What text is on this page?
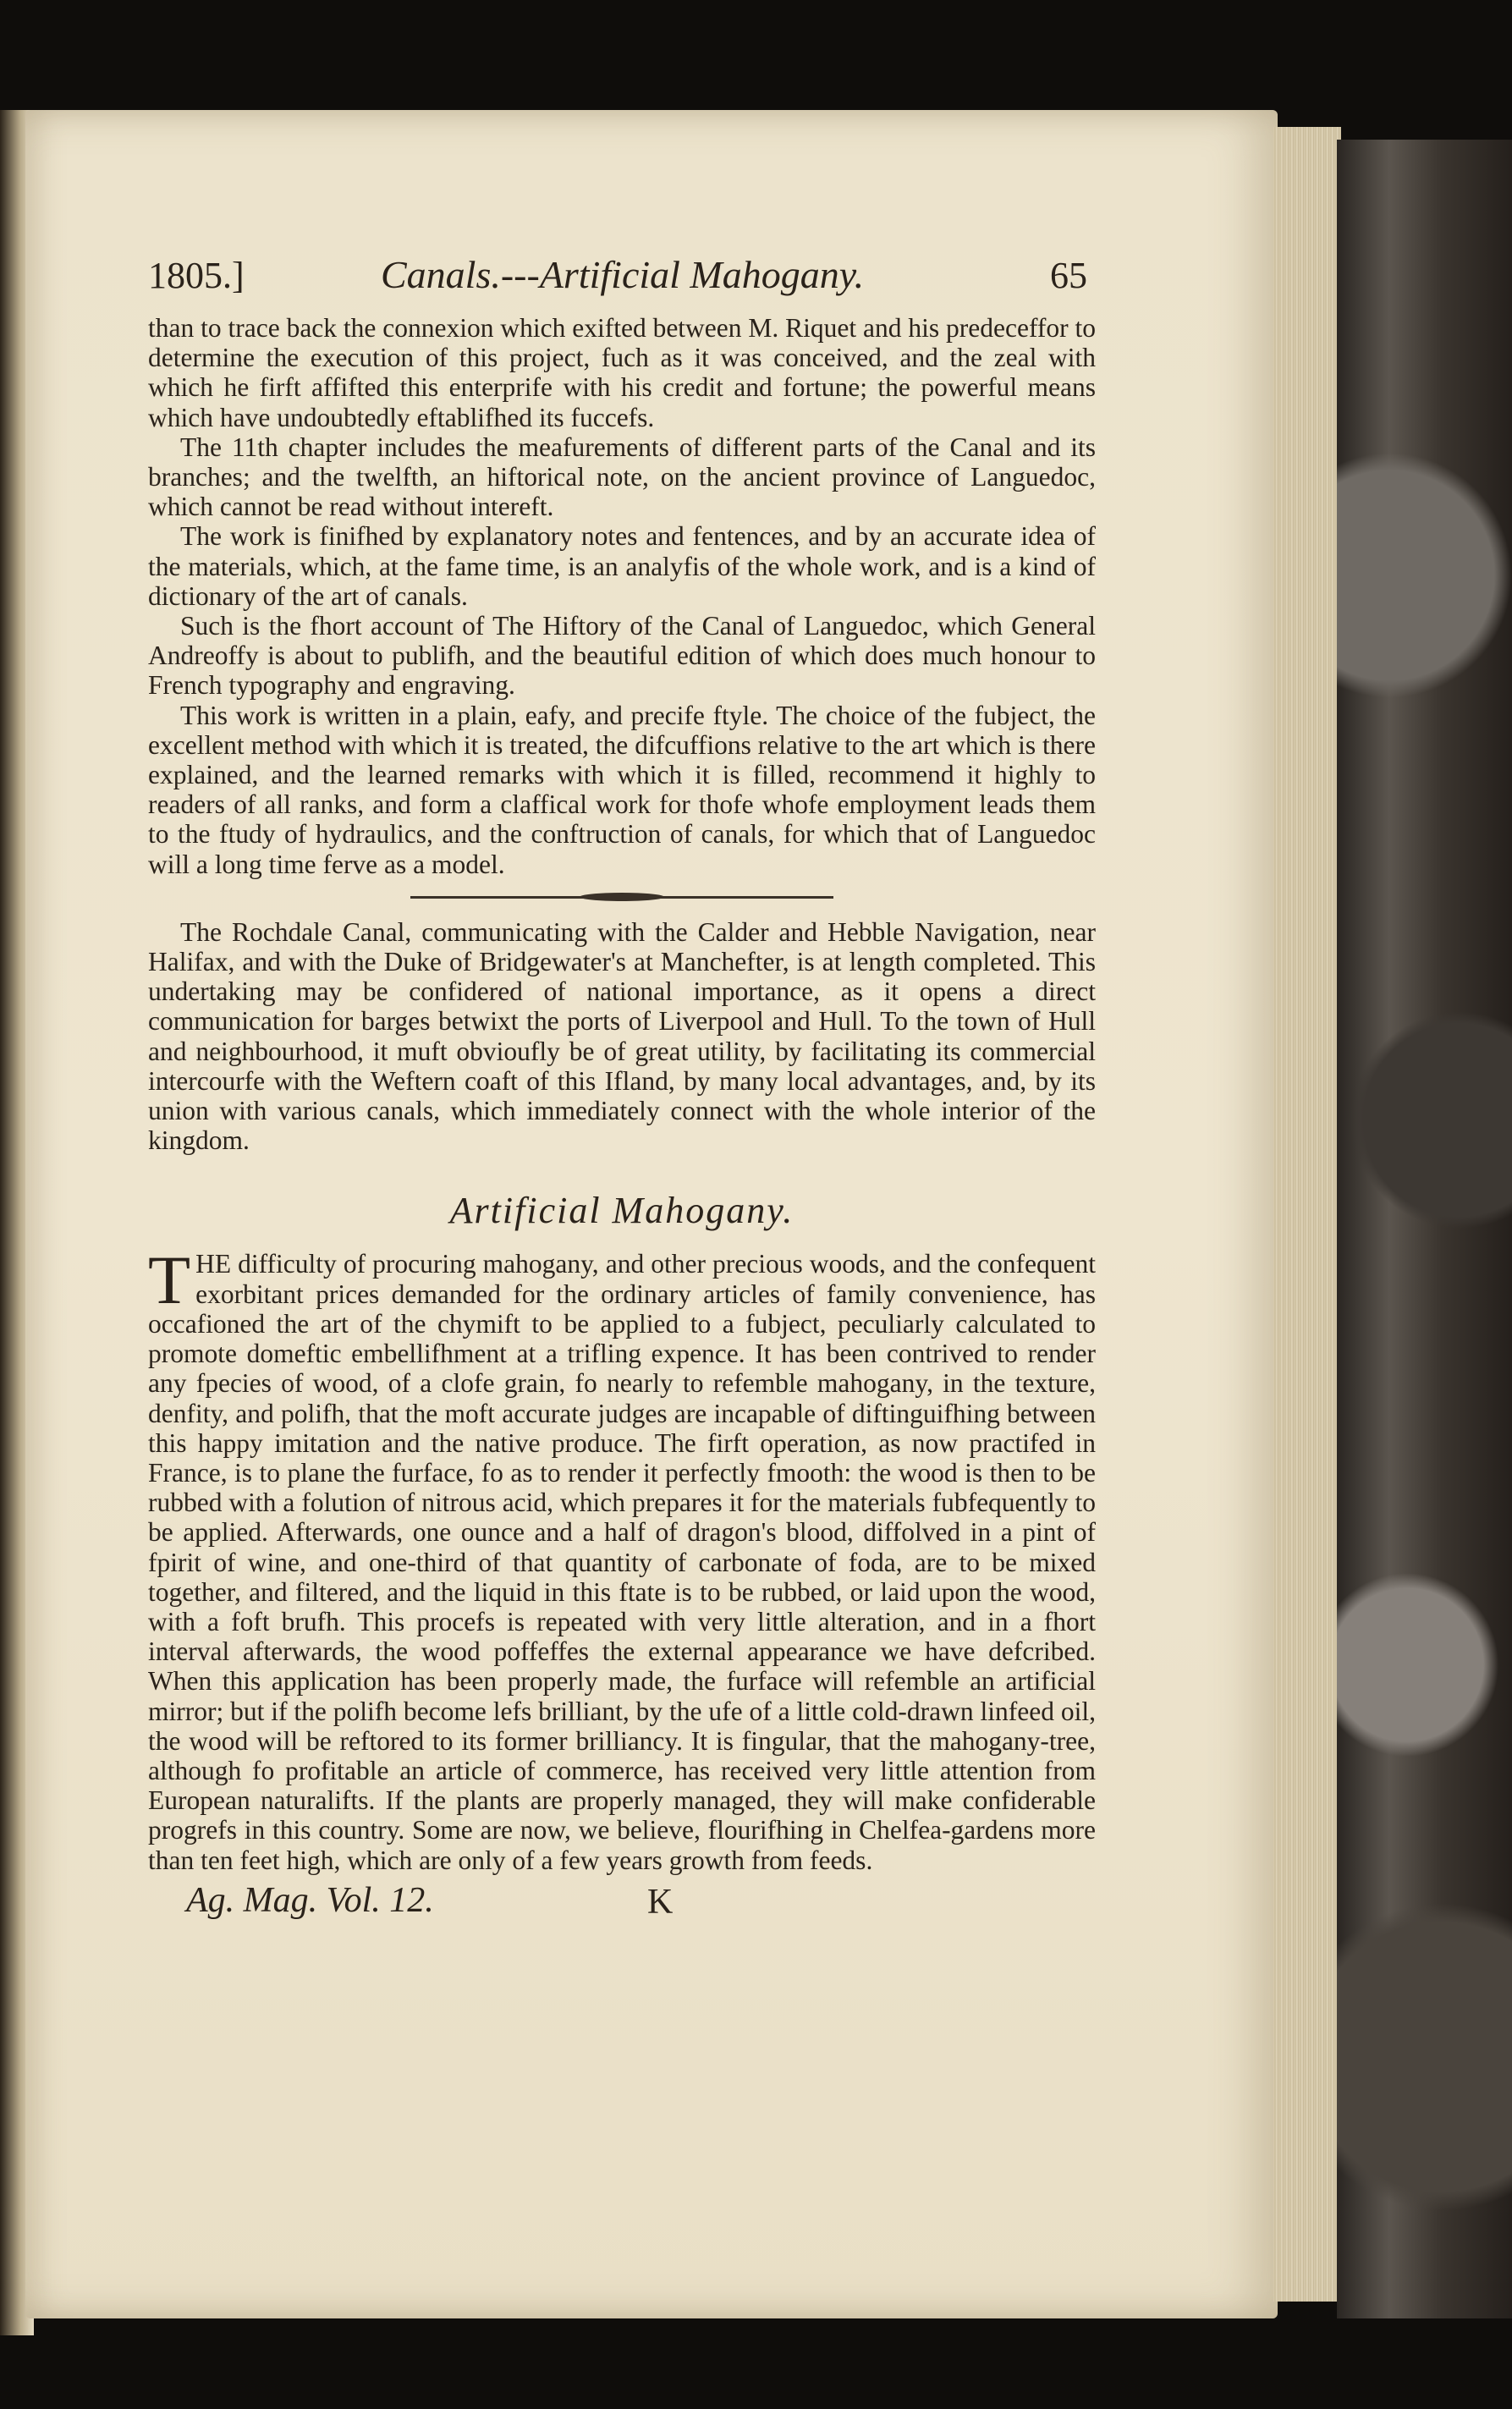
1805.]	Canals.---Artificial Mahogany.	65

than to trace back the connexion which exifted between M. Riquet and his predeceffor to determine the execution of this project, fuch as it was conceived, and the zeal with which he firft affifted this enterprife with his credit and fortune; the powerful means which have undoubtedly eftablifhed its fuccefs.

The 11th chapter includes the meafurements of different parts of the Canal and its branches; and the twelfth, an hiftorical note, on the ancient province of Languedoc, which cannot be read without intereft.

The work is finifhed by explanatory notes and fentences, and by an accurate idea of the materials, which, at the fame time, is an analyfis of the whole work, and is a kind of dictionary of the art of canals.

Such is the fhort account of The Hiftory of the Canal of Languedoc, which General Andreoffy is about to publifh, and the beautiful edition of which does much honour to French typography and engraving.

This work is written in a plain, eafy, and precife ftyle. The choice of the fubject, the excellent method with which it is treated, the difcuffions relative to the art which is there explained, and the learned remarks with which it is filled, recommend it highly to readers of all ranks, and form a claffical work for thofe whofe employment leads them to the ftudy of hydraulics, and the conftruction of canals, for which that of Languedoc will a long time ferve as a model.

The Rochdale Canal, communicating with the Calder and Hebble Navigation, near Halifax, and with the Duke of Bridgewater's at Manchefter, is at length completed. This undertaking may be confidered of national importance, as it opens a direct communication for barges betwixt the ports of Liverpool and Hull. To the town of Hull and neighbourhood, it muft obvioufly be of great utility, by facilitating its commercial intercourfe with the Weftern coaft of this Ifland, by many local advantages, and, by its union with various canals, which immediately connect with the whole interior of the kingdom.

Artificial Mahogany.

THE difficulty of procuring mahogany, and other precious woods, and the confequent exorbitant prices demanded for the ordinary articles of family convenience, has occafioned the art of the chymift to be applied to a fubject, peculiarly calculated to promote domeftic embellifhment at a trifling expence. It has been contrived to render any fpecies of wood, of a clofe grain, fo nearly to refemble mahogany, in the texture, denfity, and polifh, that the moft accurate judges are incapable of diftinguifhing between this happy imitation and the native produce. The firft operation, as now practifed in France, is to plane the furface, fo as to render it perfectly fmooth: the wood is then to be rubbed with a folution of nitrous acid, which prepares it for the materials fubfequently to be applied. Afterwards, one ounce and a half of dragon's blood, diffolved in a pint of fpirit of wine, and one-third of that quantity of carbonate of foda, are to be mixed together, and filtered, and the liquid in this ftate is to be rubbed, or laid upon the wood, with a foft brufh. This procefs is repeated with very little alteration, and in a fhort interval afterwards, the wood poffeffes the external appearance we have defcribed. When this application has been properly made, the furface will refemble an artificial mirror; but if the polifh become lefs brilliant, by the ufe of a little cold-drawn linfeed oil, the wood will be reftored to its former brilliancy. It is fingular, that the mahogany-tree, although fo profitable an article of commerce, has received very little attention from European naturalifts. If the plants are properly managed, they will make confiderable progrefs in this country. Some are now, we believe, flourifhing in Chelfea-gardens more than ten feet high, which are only of a few years growth from feeds.

Ag. Mag. Vol. 12.	K
